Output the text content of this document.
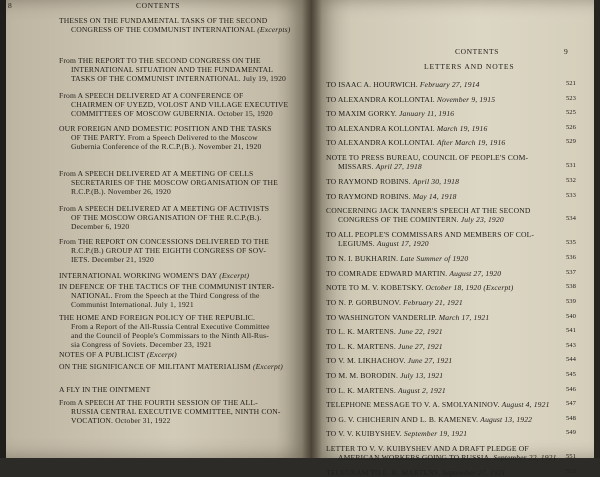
8	CONTENTS
THESES ON THE FUNDAMENTAL TASKS OF THE SECOND
CONGRESS OF THE COMMUNIST INTERNATIONAL (Excerpts)
From THE REPORT TO THE SECOND CONGRESS ON THE
INTERNATIONAL SITUATION AND THE FUNDAMENTAL
TASKS OF THE COMMUNIST INTERNATIONAL. July 19, 1920
From A SPEECH DELIVERED AT A CONFERENCE OF
CHAIRMEN OF UYEZD, VOLOST AND VILLAGE EXECUTIVE
COMMITTEES OF MOSCOW GUBERNIA. October 15, 1920
OUR FOREIGN AND DOMESTIC POSITION AND THE TASKS
OF THE PARTY. From a Speech Delivered to the Moscow
Gubernia Conference of the R.C.P.(B.). November 21, 1920
From A SPEECH DELIVERED AT A MEETING OF CELLS
SECRETARIES OF THE MOSCOW ORGANISATION OF THE
R.C.P.(B.). November 26, 1920
From A SPEECH DELIVERED AT A MEETING OF ACTIVISTS
OF THE MOSCOW ORGANISATION OF THE R.C.P.(B.).
December 6, 1920
From THE REPORT ON CONCESSIONS DELIVERED TO THE
R.C.P.(B.) GROUP AT THE EIGHTH CONGRESS OF SOV-
IETS. December 21, 1920
INTERNATIONAL WORKING WOMEN'S DAY (Excerpt)
IN DEFENCE OF THE TACTICS OF THE COMMUNIST INTER-
NATIONAL. From the Speech at the Third Congress of the
Communist International. July 1, 1921
THE HOME AND FOREIGN POLICY OF THE REPUBLIC.
From a Report of the All-Russia Central Executive Committee
and the Council of People's Commissars to the Ninth All-Rus-
sia Congress of Soviets. December 23, 1921
NOTES OF A PUBLICIST (Excerpt)
ON THE SIGNIFICANCE OF MILITANT MATERIALISM (Excerpt)
A FLY IN THE OINTMENT
From A SPEECH AT THE FOURTH SESSION OF THE ALL-
RUSSIA CENTRAL EXECUTIVE COMMITTEE, NINTH CON-
VOCATION. October 31, 1922
CONTENTS	9
LETTERS AND NOTES
TO ISAAC A. HOURWICH. February 27, 1914	521
TO ALEXANDRA KOLLONTAI. November 9, 1915	523
TO MAXIM GORKY. January 11, 1916	525
TO ALEXANDRA KOLLONTAI. March 19, 1916	526
TO ALEXANDRA KOLLONTAI. After March 19, 1916	529
NOTE TO PRESS BUREAU, COUNCIL OF PEOPLE'S COM-
MISSARS. April 27, 1918	531
TO RAYMOND ROBINS. April 30, 1918	532
TO RAYMOND ROBINS. May 14, 1918	533
CONCERNING JACK TANNER'S SPEECH AT THE SECOND
CONGRESS OF THE COMINTERN. July 23, 1920	534
TO ALL PEOPLE'S COMMISSARS AND MEMBERS OF COL-
LEGIUMS. August 17, 1920	535
TO N. I. BUKHARIN. Late Summer of 1920	536
TO COMRADE EDWARD MARTIN. August 27, 1920	537
NOTE TO M. V. KOBETSKY. October 18, 1920 (Excerpt)	538
TO N. P. GORBUNOV. February 21, 1921	539
TO WASHINGTON VANDERLIP. March 17, 1921	540
TO L. K. MARTENS. June 22, 1921	541
TO L. K. MARTENS. June 27, 1921	543
TO V. M. LIKHACHOV. June 27, 1921	544
TO M. M. BORODIN. July 13, 1921	545
TO L. K. MARTENS. August 2, 1921	546
TELEPHONE MESSAGE TO V. A. SMOLYANINOV. August 4, 1921 547
TO G. V. CHICHERIN AND L. B. KAMENEV. August 13, 1922	548
TO V. V. KUIBYSHEV. September 19, 1921	549
LETTER TO V. V. KUIBYSHEV AND A DRAFT PLEDGE OF
AMERICAN WORKERS GOING TO RUSSIA. September 22, 1921 551
TELEGRAM TO L. K. MARTENS. September 27, 1921	553
